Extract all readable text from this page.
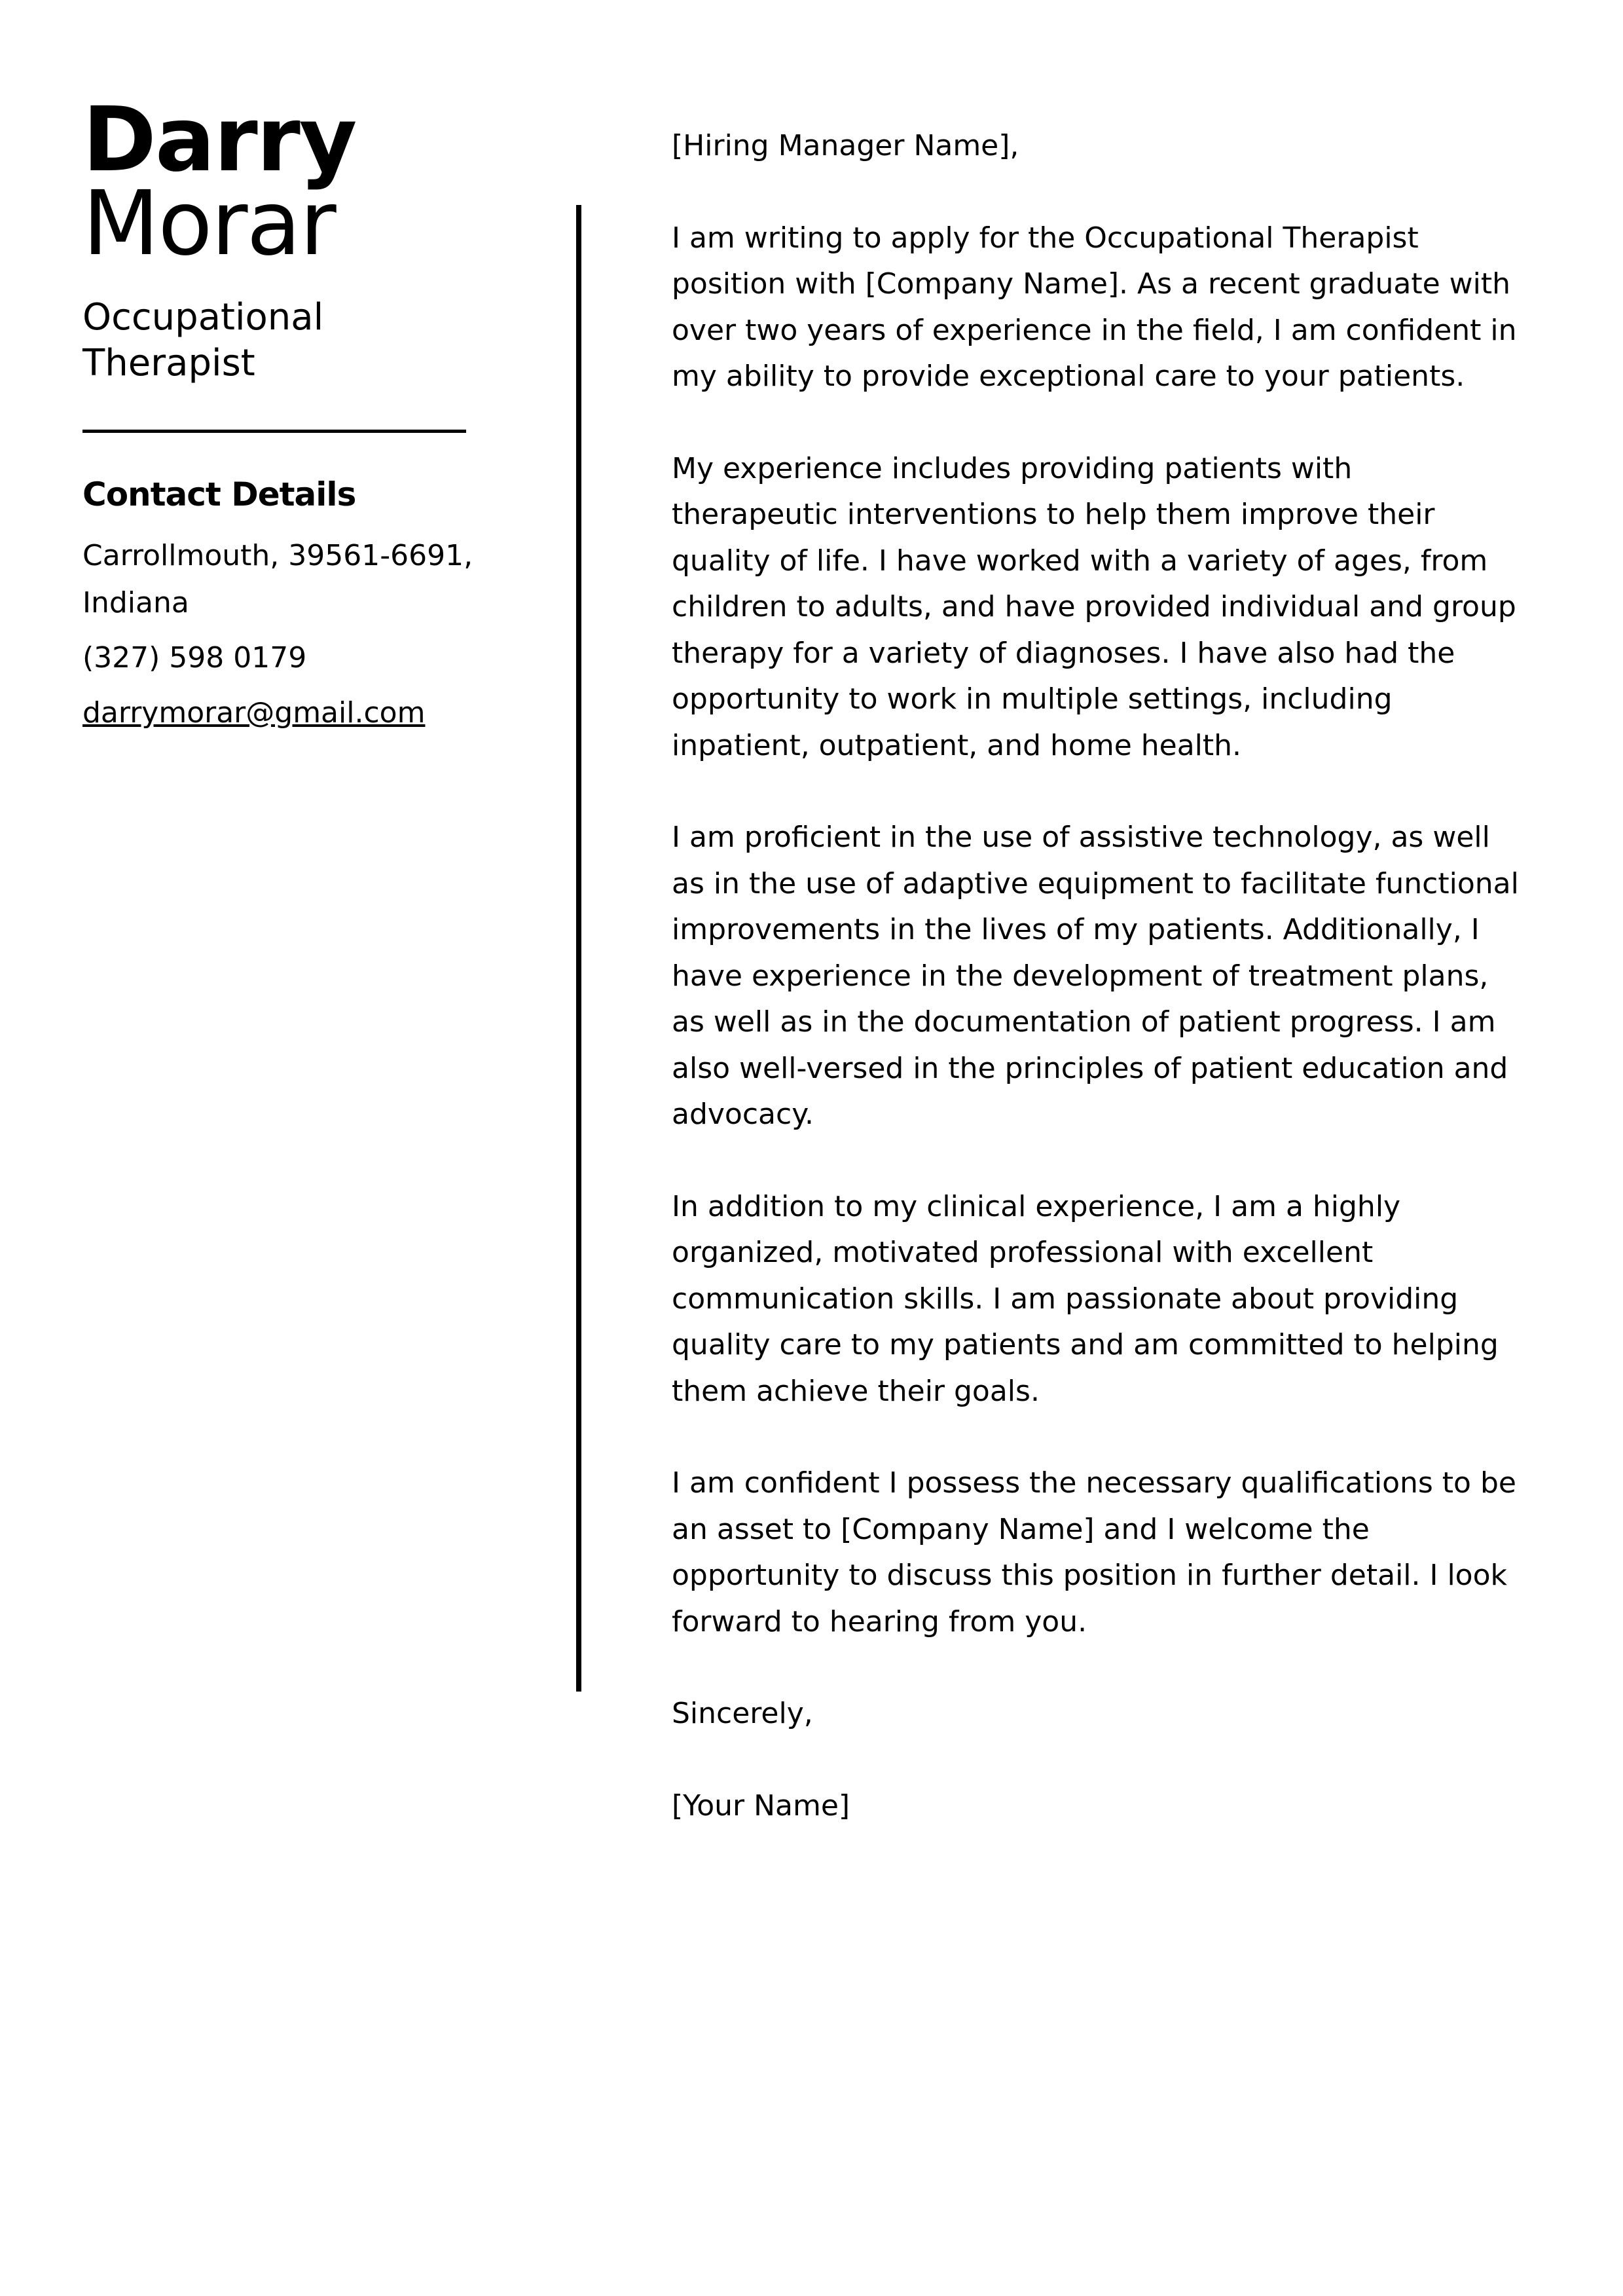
Darry
Morar
Occupational Therapist
Contact Details
Carrollmouth, 39561-6691, Indiana
(327) 598 0179
darrymorar@gmail.com

[Hiring Manager Name],

I am writing to apply for the Occupational Therapist position with [Company Name]. As a recent graduate with over two years of experience in the field, I am confident in my ability to provide exceptional care to your patients.

My experience includes providing patients with therapeutic interventions to help them improve their quality of life. I have worked with a variety of ages, from children to adults, and have provided individual and group therapy for a variety of diagnoses. I have also had the opportunity to work in multiple settings, including inpatient, outpatient, and home health.

I am proficient in the use of assistive technology, as well as in the use of adaptive equipment to facilitate functional improvements in the lives of my patients. Additionally, I have experience in the development of treatment plans, as well as in the documentation of patient progress. I am also well-versed in the principles of patient education and advocacy.

In addition to my clinical experience, I am a highly organized, motivated professional with excellent communication skills. I am passionate about providing quality care to my patients and am committed to helping them achieve their goals.

I am confident I possess the necessary qualifications to be an asset to [Company Name] and I welcome the opportunity to discuss this position in further detail. I look forward to hearing from you.

Sincerely,

[Your Name]
